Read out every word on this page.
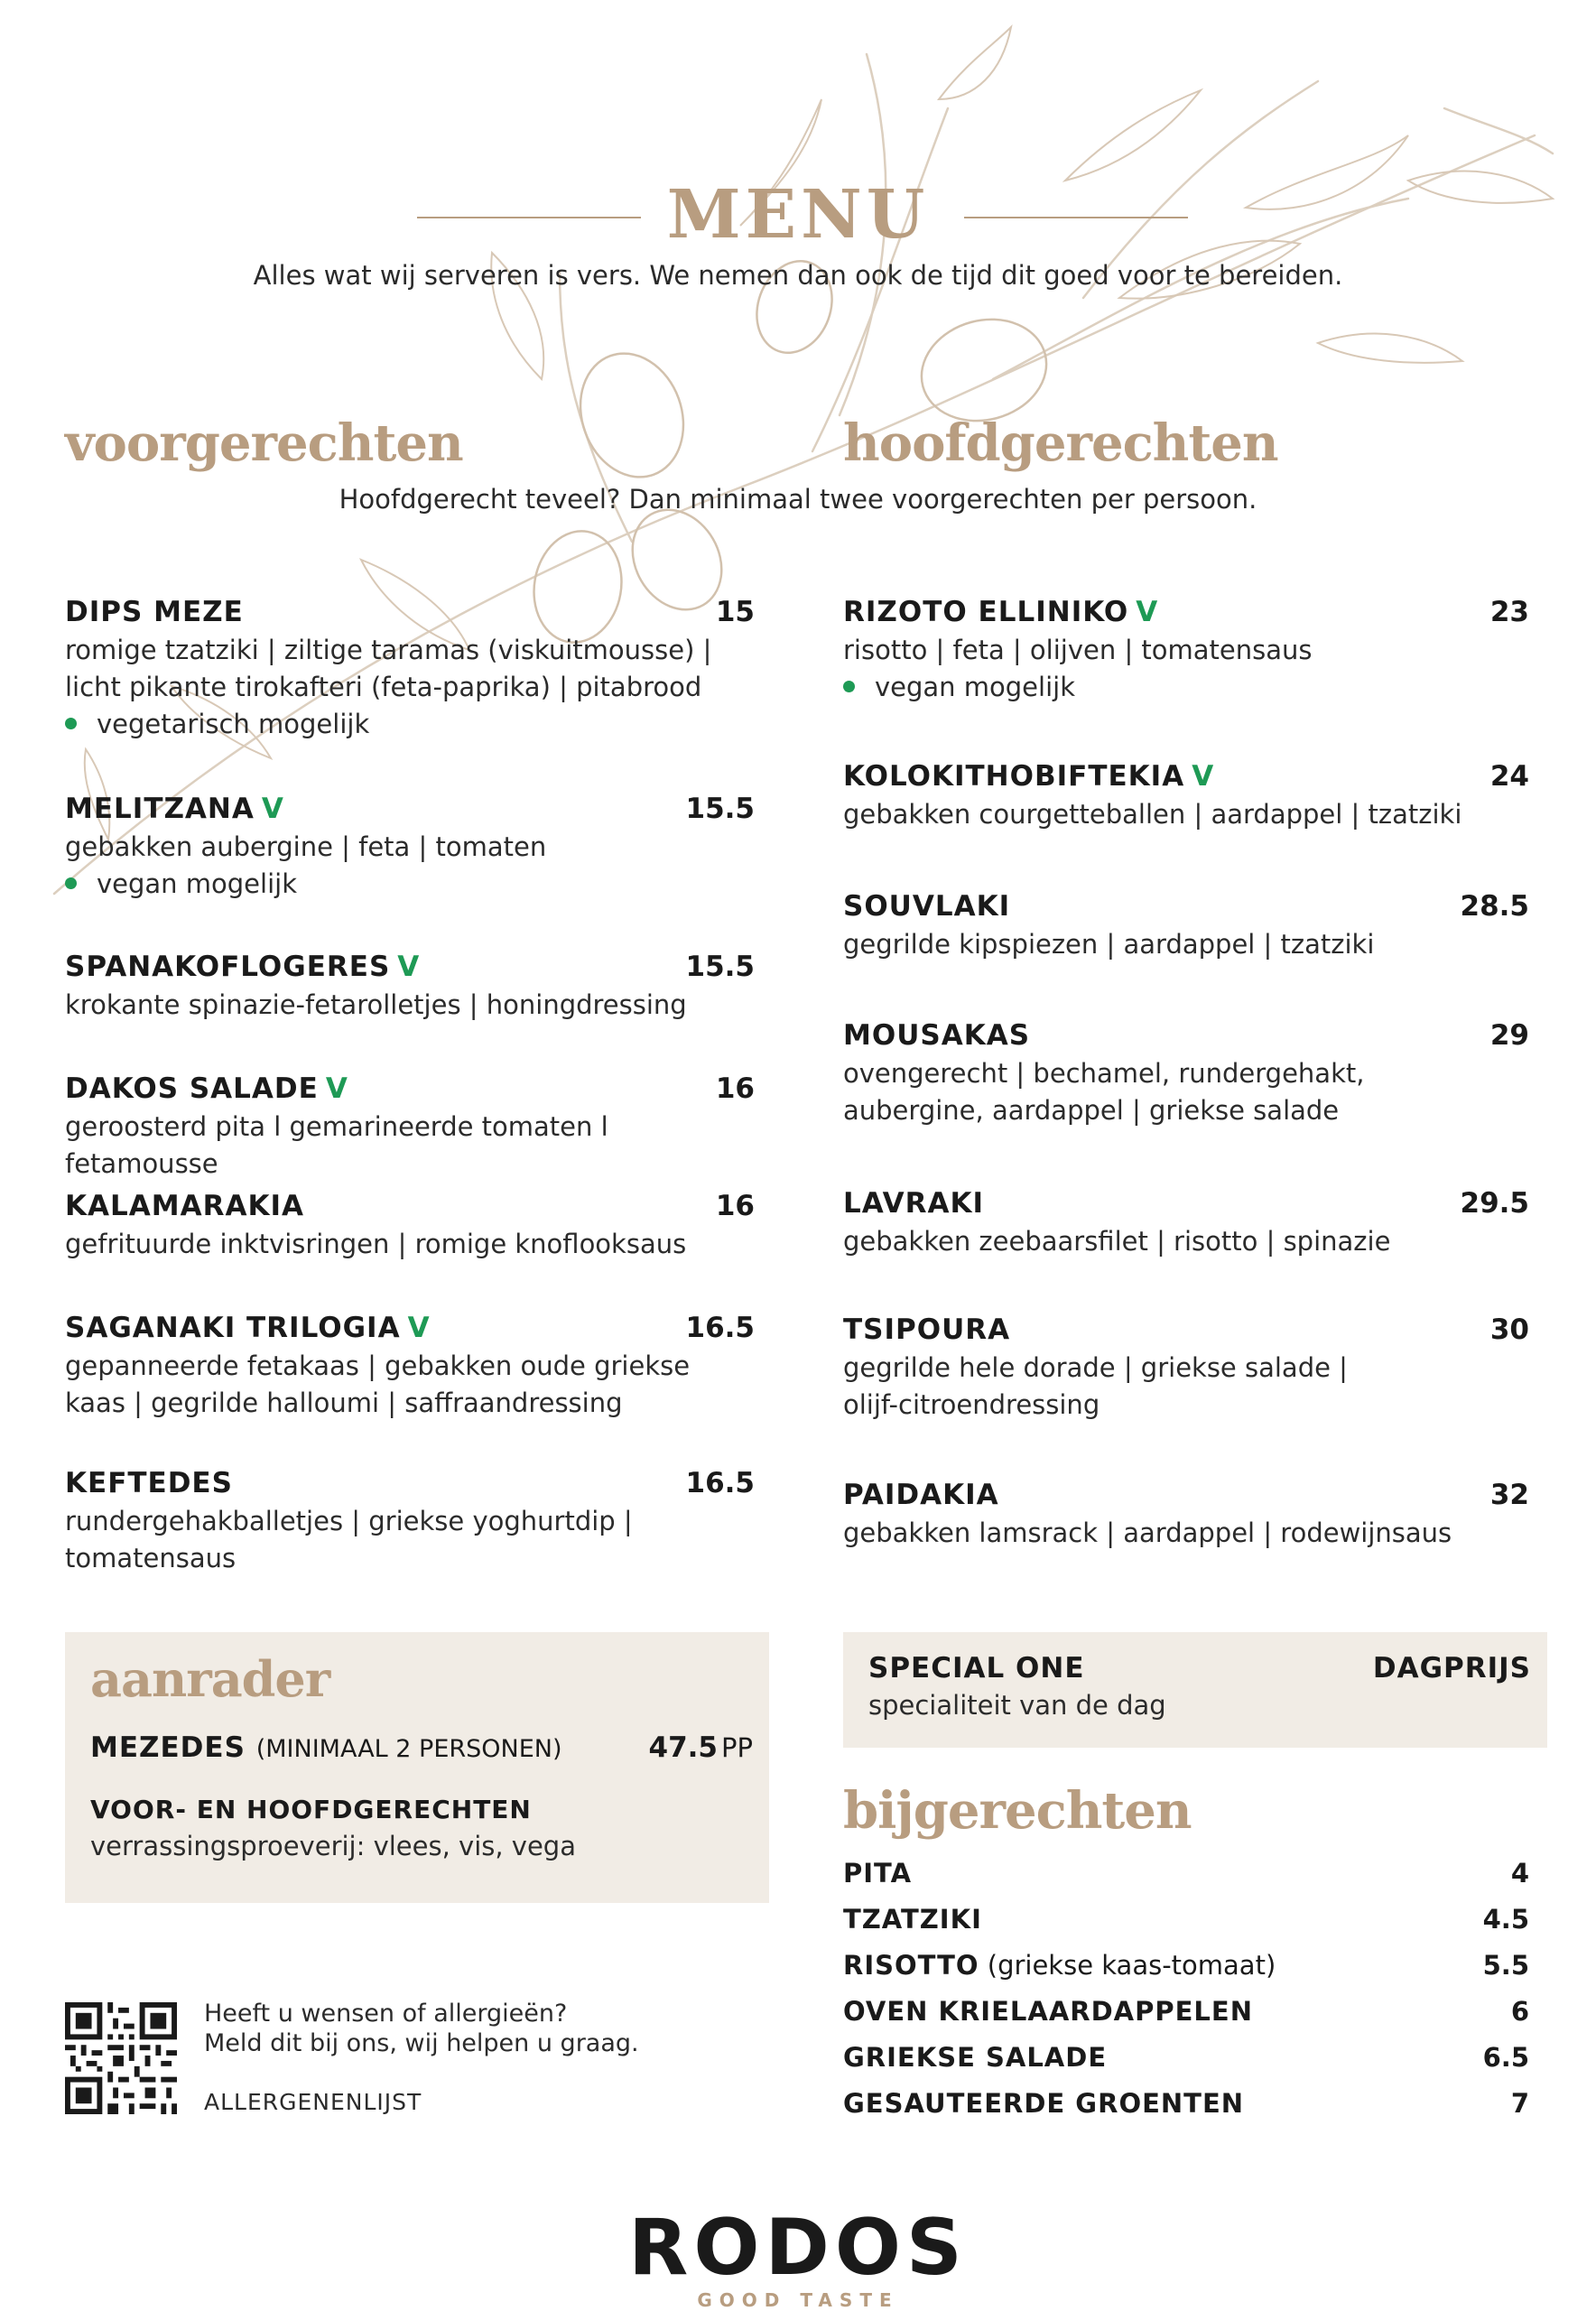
MENU
Alles wat wij serveren is vers. We nemen dan ook de tijd dit goed voor te bereiden.
voorgerechten	hoofdgerechten
Hoofdgerecht teveel? Dan minimaal twee voorgerechten per persoon.
DIPS MEZE	15
romige tzatziki | ziltige taramas (viskuitmousse) |
licht pikante tirokafteri (feta-paprika) | pitabrood
vegetarisch mogelijk
MELITZANA V	15.5
gebakken aubergine | feta | tomaten
vegan mogelijk
SPANAKOFLOGERES V	15.5
krokante spinazie-fetarolletjes | honingdressing
DAKOS SALADE V	16
geroosterd pita l gemarineerde tomaten l fetamousse
KALAMARAKIA	16
gefrituurde inktvisringen | romige knoflooksaus
SAGANAKI TRILOGIA V	16.5
gepanneerde fetakaas | gebakken oude griekse
kaas | gegrilde halloumi | saffraandressing
KEFTEDES	16.5
rundergehakballetjes | griekse yoghurtdip |
tomatensaus
RIZOTO ELLINIKO V	23
risotto | feta | olijven | tomatensaus
vegan mogelijk
KOLOKITHOBIFTEKIA V	24
gebakken courgetteballen | aardappel | tzatziki
SOUVLAKI	28.5
gegrilde kipspiezen | aardappel | tzatziki
MOUSAKAS	29
ovengerecht | bechamel, rundergehakt,
aubergine, aardappel | griekse salade
LAVRAKI	29.5
gebakken zeebaarsfilet | risotto | spinazie
TSIPOURA	30
gegrilde hele dorade | griekse salade |
olijf-citroendressing
PAIDAKIA	32
gebakken lamsrack | aardappel | rodewijnsaus
aanrader
MEZEDES (MINIMAAL 2 PERSONEN)	47.5 PP
VOOR- EN HOOFDGERECHTEN
verrassingsproeverij: vlees, vis, vega
SPECIAL ONE	DAGPRIJS
specialiteit van de dag
bijgerechten
PITA	4
TZATZIKI	4.5
RISOTTO (griekse kaas-tomaat)	5.5
OVEN KRIELAARDAPPELEN	6
GRIEKSE SALADE	6.5
GESAUTEERDE GROENTEN	7
Heeft u wensen of allergieën?
Meld dit bij ons, wij helpen u graag.
ALLERGENENLIJST
RODOS
GOOD TASTE
